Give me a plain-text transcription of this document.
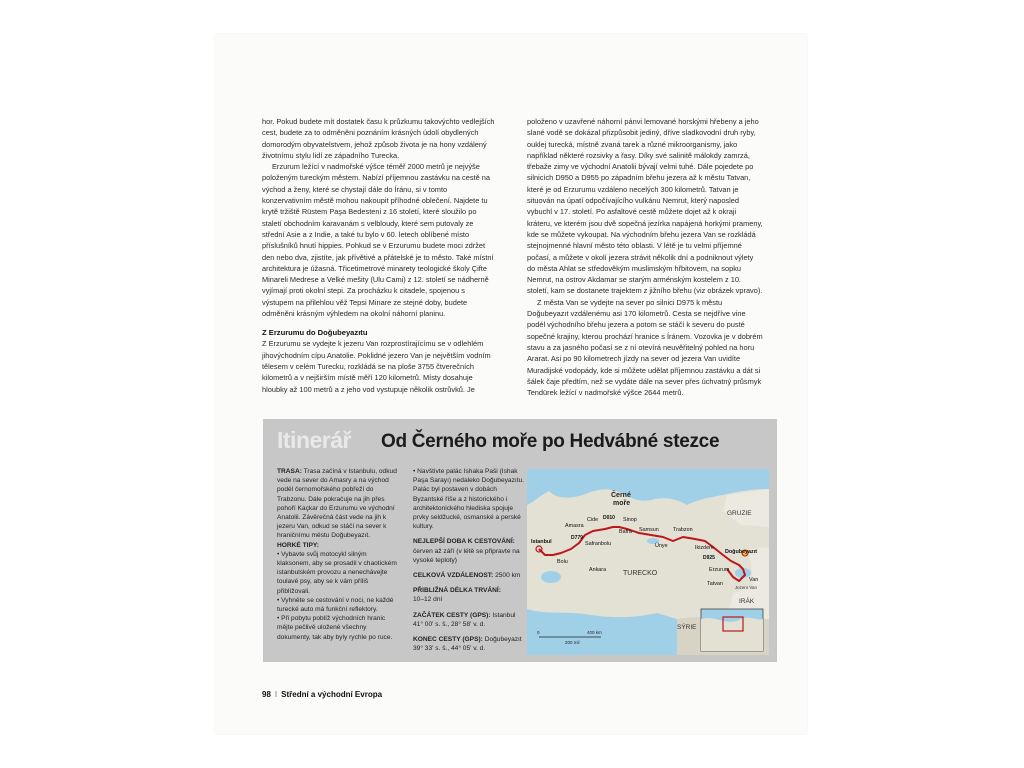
hor. Pokud budete mít dostatek času k průzkumu takovýchto vedlejších cest, budete za to odměněni poznáním krásných údolí obydlených domorodým obyvatelstvem, jehož způsob života je na hony vzdálený životnímu stylu lidí ze západního Turecka.

Erzurum ležící v nadmořské výšce téměř 2000 metrů je nejvýše položeným tureckým městem. Nabízí příjemnou zastávku na cestě na východ a ženy, které se chystají dále do Íránu, si v tomto konzervativním městě mohou nakoupit příhodné oblečení. Najdete tu krytě tržiště Rüstem Paşa Bedesteni z 16 století, které sloužilo po staletí obchodním karavanám s velbloudy, které sem putovaly ze střední Asie a z Indie, a také tu bylo v 60. letech oblíbené místo příslušníků hnutí hippies. Pohkud se v Erzurumu budete moci zdržet den nebo dva, zjistíte, jak přívětivé a přátelské je to město. Také místní architektura je úžasná. Třicetimetrové minarety teologické školy Çifte Minareli Medrese a Velké mešity (Ulu Cami) z 12. století se nádherně vyjímají proti okolní stepi. Za procházku k citadele, spojenou s výstupem na přilehlou věž Tepsi Minare ze stejné doby, budete odměněni krásným výhledem na okolní náhorní planinu.

Z Erzurumu do Doğubeyazıtu

Z Erzurumu se vydejte k jezeru Van rozprostírajícímu se v odlehlém jihovýchodním cípu Anatolie. Poklidné jezero Van je největším vodním tělesem v celém Turecku, rozkládá se na ploše 3755 čtverečních kilometrů a v nejširším místě měří 120 kilometrů. Místy dosahuje hloubky až 100 metrů a z jeho vod vystupuje několik ostrůvků. Je

položeno v uzavřené náhorní pánvi lemované horskými hřebeny a jeho slané vodě se dokázal přizpůsobit jediný, dříve sladkovodní druh ryby, ouklej turecká, místně zvaná tarek a různé mikroorganismy, jako například některé rozsivky a řasy. Díky své salinitě málokdy zamrzá, třebaže zimy ve východní Anatolii bývají velmi tuhé. Dále pojedete po silnicích D950 a D955 po západním břehu jezera až k městu Tatvan, které je od Erzurumu vzdáleno necelých 300 kilometrů. Tatvan je situován na úpatí odpočívajícího vulkánu Nemrut, který naposled vybuchl v 17. století. Po asfaltové cestě můžete dojet až k okraji kráteru, ve kterém jsou dvě sopečná jezírka napájená horkými prameny, kde se můžete vykoupat. Na východním břehu jezera Van se rozkládá stejnojmenné hlavní město této oblasti. V létě je tu velmi příjemné počasí, a můžete v okolí jezera strávit několik dní a podniknout výlety do města Ahlat se středověkým muslimským hřbitovem, na sopku Nemrut, na ostrov Akdamar se starým arménským kostelem z 10. století, kam se dostanete trajektem z jižního břehu (viz obrázek vpravo).

Z města Van se vydejte na sever po silnici D975 k městu Doğubeyazıt vzdálenému asi 170 kilometrů. Cesta se nejdříve vine podél východního břehu jezera a potom se stáčí k severu do pusté sopečné krajiny, kterou prochází hranice s Íránem. Vozovka je v dobrém stavu a za jasného počasí se z ní otevírá neuvěřitelný pohled na horu Ararat. Asi po 90 kilometrech jízdy na sever od jezera Van uvidíte Muradijské vodopády, kde si můžete udělat příjemnou zastávku a dát si šálek čaje předtím, než se vydáte dále na sever přes úchvatný průsmyk Tendürek ležící v nadmořské výšce 2644 metrů.

Itinerář Od Černého moře po Hedvábné stezce

TRASA: Trasa začíná v Istanbulu, odkud vede na sever do Amasry a na východ podél černomořského pobřeží do Trabzonu. Dále pokračuje na jih přes pohoří Kaçkar do Erzurumu ve východní Anatolii. Závěrečná část vede na jih k jezeru Van, odkud se stáčí na sever k hraničnímu městu Doğubeyazıt.

HORKÉ TIPY:

• Vybavte svůj motocykl silným klaksonem, aby se prosadil v chaotickém istanbulském provozu a nenechávejte toulavé psy, aby se k vám příliš přiblížovali.

• Vyhněte se cestování v noci, ne každé turecké auto má funkční reflektory.

• Při pobytu poblíž východních hranic mějte pečlivě uložené všechny dokumenty, tak aby byly rychle po ruce.

• Navštivte palác Ishaka Paši (Ishak Paşa Sarayı) nedaleko Doğubeyazıtu. Palác byl postaven v dobách Byzantské říše a z historického i architektonického hlediska spojuje prvky seldžucké, osmanské a perské kultury.

NEJLEPŠÍ DOBA K CESTOVÁNÍ:
červen až září (v létě se připravte na vysoké teploty)

CELKOVÁ VZDÁLENOST: 2500 km

PŘIBLIŽNÁ DÉLKA TRVÁNÍ:
10–12 dní

ZAČÁTEK CESTY (GPS): Istanbul 41° 00' s. š., 28° 58' v. d.

KONEC CESTY (GPS): Doğubeyazıt 39° 33' s. š., 44° 05' v. d.

Černé
moře
GRUZIE
TURECKO
IRÁK
SÝRIE
Istanbul
Amasra
Cide	Sinop
Safranbolu
Bafra Samsun	Trabzon
Bolu
Ankara
Ünye	Ikizdere
Erzurum
Doğubeyazıt
Tatvan
Van
Jezero Van
D010
D779
D925
0	400 km
200 mil
98 I Střední a východní Evropa
